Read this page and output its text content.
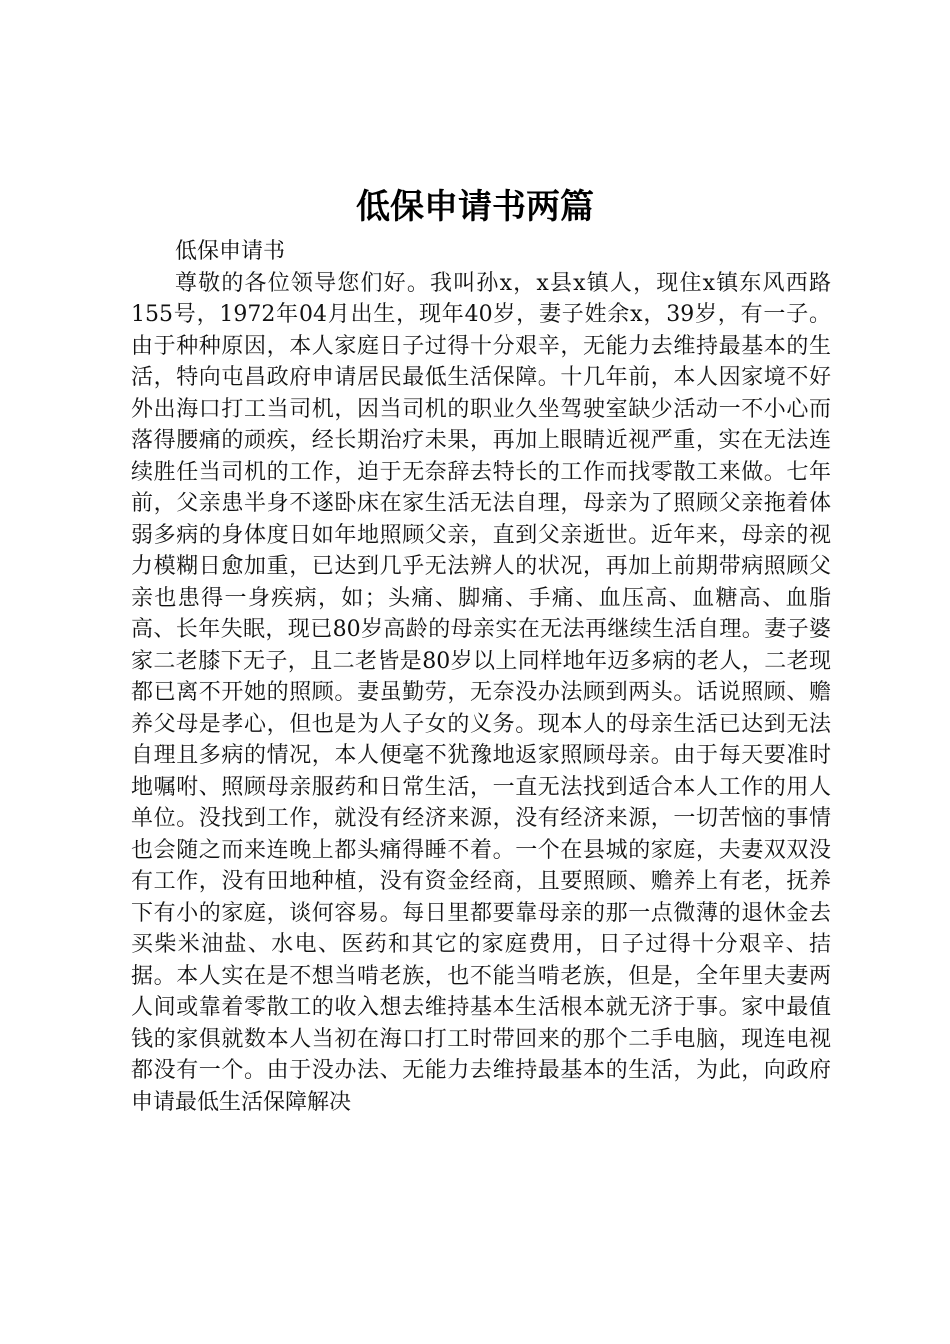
低保申请书两篇

低保申请书

尊敬的各位领导您们好。我叫孙x，x县x镇人，现住x镇东风西路155号，1972年04月出生，现年40岁，妻子姓余x，39岁，有一子。由于种种原因，本人家庭日子过得十分艰辛，无能力去维持最基本的生活，特向屯昌政府申请居民最低生活保障。十几年前，本人因家境不好外出海口打工当司机，因当司机的职业久坐驾驶室缺少活动一不小心而落得腰痛的顽疾，经长期治疗未果，再加上眼睛近视严重，实在无法连续胜任当司机的工作，迫于无奈辞去特长的工作而找零散工来做。七年前，父亲患半身不遂卧床在家生活无法自理，母亲为了照顾父亲拖着体弱多病的身体度日如年地照顾父亲，直到父亲逝世。近年来，母亲的视力模糊日愈加重，已达到几乎无法辨人的状况，再加上前期带病照顾父亲也患得一身疾病，如；头痛、脚痛、手痛、血压高、血糖高、血脂高、长年失眠，现已80岁高龄的母亲实在无法再继续生活自理。妻子婆家二老膝下无子，且二老皆是80岁以上同样地年迈多病的老人，二老现都已离不开她的照顾。妻虽勤劳，无奈没办法顾到两头。话说照顾、赡养父母是孝心，但也是为人子女的义务。现本人的母亲生活已达到无法自理且多病的情况，本人便毫不犹豫地返家照顾母亲。由于每天要准时地嘱咐、照顾母亲服药和日常生活，一直无法找到适合本人工作的用人单位。没找到工作，就没有经济来源，没有经济来源，一切苦恼的事情也会随之而来连晚上都头痛得睡不着。一个在县城的家庭，夫妻双双没有工作，没有田地种植，没有资金经商，且要照顾、赡养上有老，抚养下有小的家庭，谈何容易。每日里都要靠母亲的那一点微薄的退休金去买柴米油盐、水电、医药和其它的家庭费用，日子过得十分艰辛、拮据。本人实在是不想当啃老族，也不能当啃老族，但是，全年里夫妻两人间或靠着零散工的收入想去维持基本生活根本就无济于事。家中最值钱的家俱就数本人当初在海口打工时带回来的那个二手电脑，现连电视都没有一个。由于没办法、无能力去维持最基本的生活，为此，向政府申请最低生活保障解决
